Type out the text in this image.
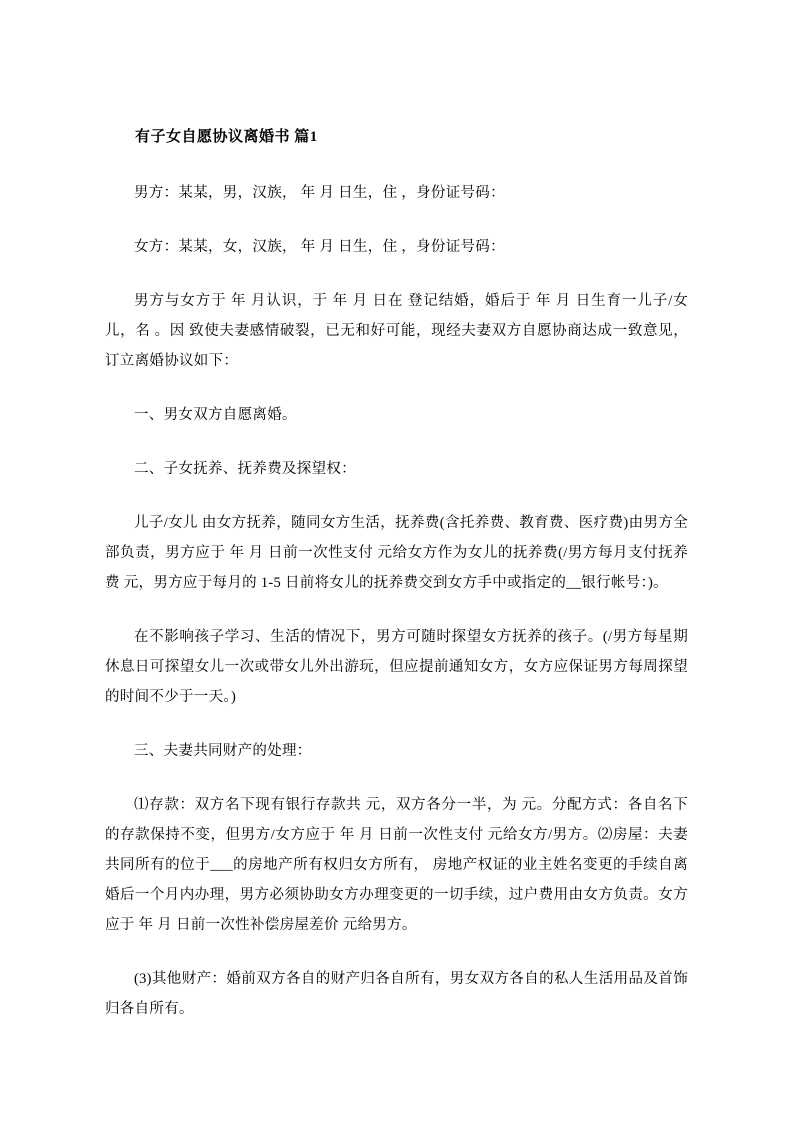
有子女自愿协议离婚书 篇1

男方：某某，男，汉族， 年 月 日生，住 ，身份证号码：

女方：某某，女，汉族， 年 月 日生，住 ，身份证号码：

男方与女方于 年 月认识，于 年 月 日在 登记结婚，婚后于 年 月 日生育一儿子/女儿，名 。因 致使夫妻感情破裂，已无和好可能，现经夫妻双方自愿协商达成一致意见，订立离婚协议如下：

一、男女双方自愿离婚。

二、子女抚养、抚养费及探望权：

儿子/女儿 由女方抚养，随同女方生活，抚养费(含托养费、教育费、医疗费)由男方全部负责，男方应于 年 月 日前一次性支付 元给女方作为女儿的抚养费(/男方每月支付抚养费 元，男方应于每月的 1-5 日前将女儿的抚养费交到女方手中或指定的__银行帐号：)。

在不影响孩子学习、生活的情况下，男方可随时探望女方抚养的孩子。(/男方每星期休息日可探望女儿一次或带女儿外出游玩，但应提前通知女方，女方应保证男方每周探望的时间不少于一天。)

三、夫妻共同财产的处理：

⑴存款：双方名下现有银行存款共 元，双方各分一半，为 元。分配方式：各自名下的存款保持不变，但男方/女方应于 年 月 日前一次性支付 元给女方/男方。⑵房屋：夫妻共同所有的位于___的房地产所有权归女方所有， 房地产权证的业主姓名变更的手续自离婚后一个月内办理，男方必须协助女方办理变更的一切手续，过户费用由女方负责。女方应于 年 月 日前一次性补偿房屋差价 元给男方。

(3)其他财产：婚前双方各自的财产归各自所有，男女双方各自的私人生活用品及首饰归各自所有。
